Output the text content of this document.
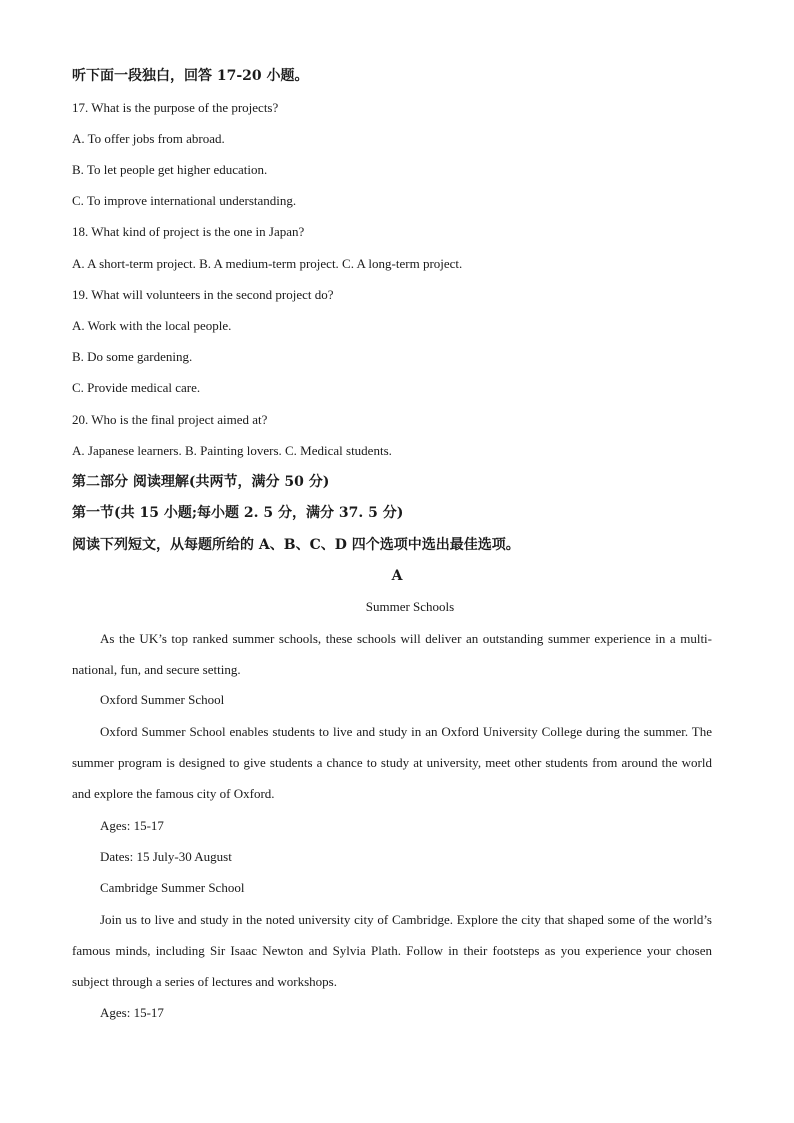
听下面一段独白，回答 17-20 小题。
17. What is the purpose of the projects?
A. To offer jobs from abroad.
B. To let people get higher education.
C. To improve international understanding.
18. What kind of project is the one in Japan?
A. A short-term project. B. A medium-term project. C. A long-term project.
19. What will volunteers in the second project do?
A. Work with the local people.
B. Do some gardening.
C. Provide medical care.
20. Who is the final project aimed at?
A. Japanese learners. B. Painting lovers. C. Medical students.
第二部分 阅读理解(共两节，满分 50 分)
第一节(共 15 小题;每小题 2. 5 分，满分 37. 5 分)
阅读下列短文，从每题所给的 A、B、C、D 四个选项中选出最佳选项。
A
Summer Schools
As the UK’s top ranked summer schools, these schools will deliver an outstanding summer experience in a multi-national, fun, and secure setting.
Oxford Summer School
Oxford Summer School enables students to live and study in an Oxford University College during the summer. The summer program is designed to give students a chance to study at university, meet other students from around the world and explore the famous city of Oxford.
Ages: 15-17
Dates: 15 July-30 August
Cambridge Summer School
Join us to live and study in the noted university city of Cambridge. Explore the city that shaped some of the world’s famous minds, including Sir Isaac Newton and Sylvia Plath. Follow in their footsteps as you experience your chosen subject through a series of lectures and workshops.
Ages: 15-17
